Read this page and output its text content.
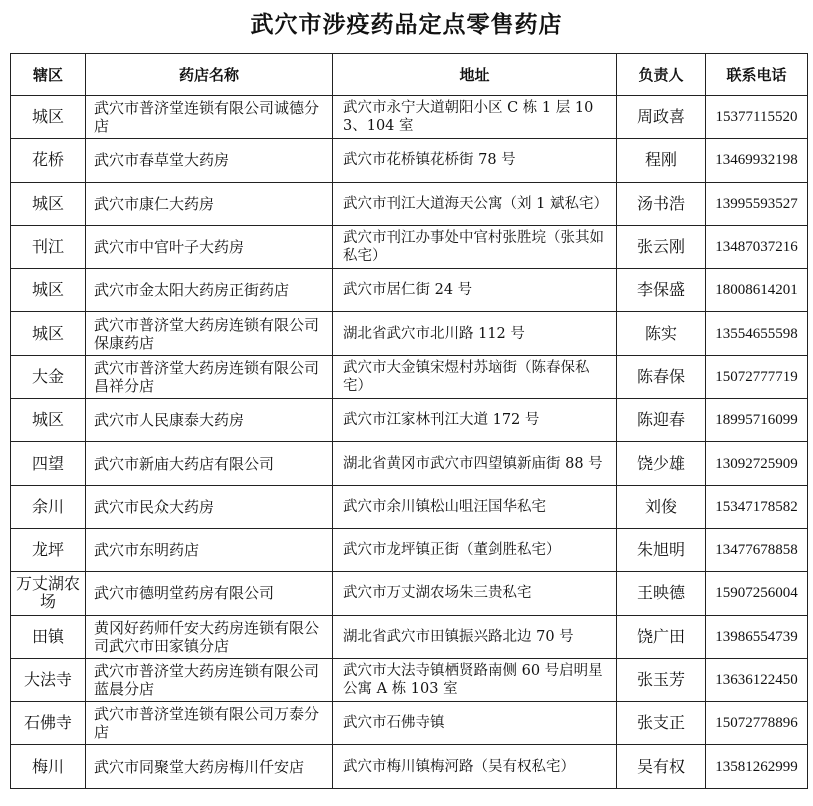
武穴市涉疫药品定点零售药店
辖区	药店名称	地址	负责人	联系电话
城区	武穴市普济堂连锁有限公司诚德分店	武穴市永宁大道朝阳小区 C 栋 1 层 103、104 室	周政喜	15377115520
花桥	武穴市春草堂大药房	武穴市花桥镇花桥街 78 号	程刚	13469932198
城区	武穴市康仁大药房	武穴市刊江大道海天公寓（刘 1 斌私宅）	汤书浩	13995593527
刊江	武穴市中官叶子大药房	武穴市刊江办事处中官村张胜垸（张其如私宅）	张云刚	13487037216
城区	武穴市金太阳大药房正街药店	武穴市居仁街 24 号	李保盛	18008614201
城区	武穴市普济堂大药房连锁有限公司保康药店	湖北省武穴市北川路 112 号	陈实	13554655598
大金	武穴市普济堂大药房连锁有限公司昌祥分店	武穴市大金镇宋煜村苏垴街（陈春保私宅）	陈春保	15072777719
城区	武穴市人民康泰大药房	武穴市江家林刊江大道 172 号	陈迎春	18995716099
四望	武穴市新庙大药店有限公司	湖北省黄冈市武穴市四望镇新庙街 88 号	饶少雄	13092725909
余川	武穴市民众大药房	武穴市余川镇松山咀汪国华私宅	刘俊	15347178582
龙坪	武穴市东明药店	武穴市龙坪镇正街（董剑胜私宅）	朱旭明	13477678858
万丈湖农场	武穴市德明堂药房有限公司	武穴市万丈湖农场朱三贵私宅	王映德	15907256004
田镇	黄冈好药师仟安大药房连锁有限公司武穴市田家镇分店	湖北省武穴市田镇振兴路北边 70 号	饶广田	13986554739
大法寺	武穴市普济堂大药房连锁有限公司蓝晨分店	武穴市大法寺镇栖贤路南侧 60 号启明星公寓 A 栋 103 室	张玉芳	13636122450
石佛寺	武穴市普济堂连锁有限公司万泰分店	武穴市石佛寺镇	张支正	15072778896
梅川	武穴市同聚堂大药房梅川仟安店	武穴市梅川镇梅河路（吴有权私宅）	吴有权	13581262999
